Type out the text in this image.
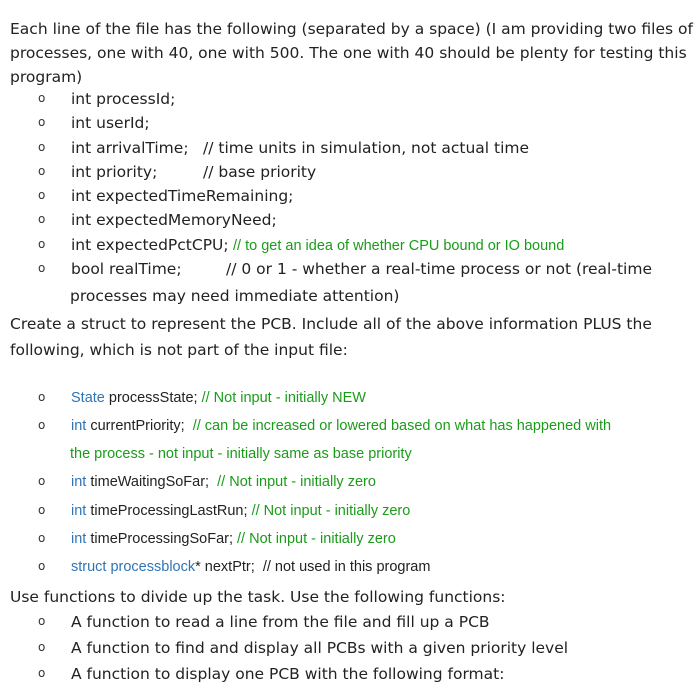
Each line of the file has the following (separated by a space) (I am providing two files of

processes, one with 40, one with 500. The one with 40 should be plenty for testing this

program)

o int processId;
o int userId;
o int arrivalTime; // time units in simulation, not actual time
o int priority;	// base priority
o int expectedTimeRemaining;
o int expectedMemoryNeed;
o int expectedPctCPU; // to get an idea of whether CPU bound or IO bound
o bool realTime;	// 0 or 1 - whether a real-time process or not (real-time
processes may need immediate attention)

Create a struct to represent the PCB. Include all of the above information PLUS the

following, which is not part of the input file:

o State processState; // Not input - initially NEW
o int currentPriority; // can be increased or lowered based on what has happened with
the process - not input - initially same as base priority
o int timeWaitingSoFar; // Not input - initially zero
o int timeProcessingLastRun; // Not input - initially zero
o int timeProcessingSoFar; // Not input - initially zero
o struct processblock* nextPtr; // not used in this program

Use functions to divide up the task. Use the following functions:

o A function to read a line from the file and fill up a PCB
o A function to find and display all PCBs with a given priority level
o A function to display one PCB with the following format:
